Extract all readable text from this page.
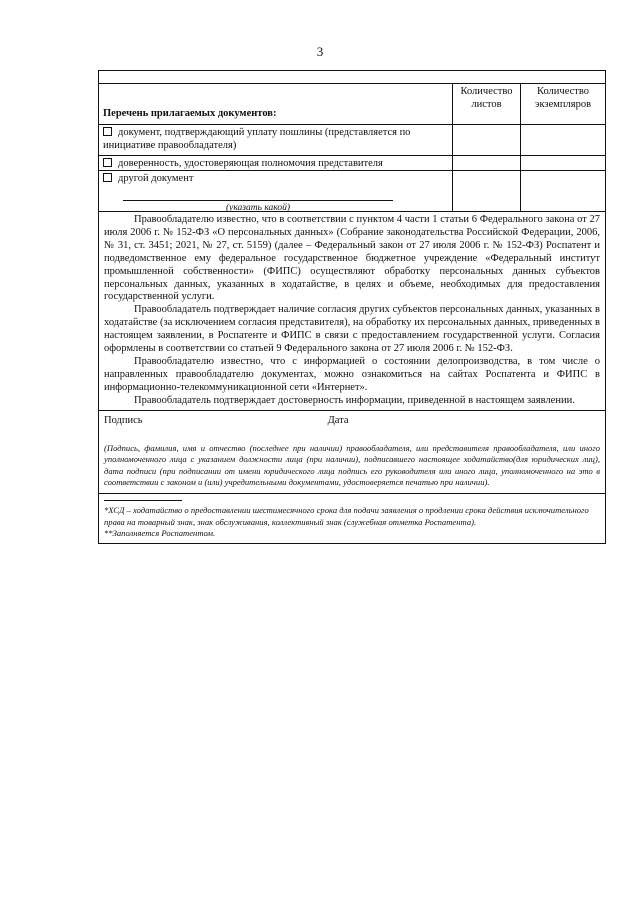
3
Перечень прилагаемых документов:
Количество листов
Количество экземпляров
документ, подтверждающий уплату пошлины (представляется по инициативе правообладателя)
доверенность, удостоверяющая полномочия представителя
другой документ
(указать какой)

Правообладателю известно, что в соответствии с пунктом 4 части 1 статьи 6 Федерального закона от 27 июля 2006 г. № 152-ФЗ «О персональных данных» (Собрание законодательства Российской Федерации, 2006, № 31, ст. 3451; 2021, № 27, ст. 5159) (далее – Федеральный закон от 27 июля 2006 г. № 152-ФЗ) Роспатент и подведомственное ему федеральное государственное бюджетное учреждение «Федеральный институт промышленной собственности» (ФИПС) осуществляют обработку персональных данных субъектов персональных данных, указанных в ходатайстве, в целях и объеме, необходимых для предоставления государственной услуги.

Правообладатель подтверждает наличие согласия других субъектов персональных данных, указанных в ходатайстве (за исключением согласия представителя), на обработку их персональных данных, приведенных в настоящем заявлении, в Роспатенте и ФИПС в связи с предоставлением государственной услуги. Согласия оформлены в соответствии со статьей 9 Федерального закона от 27 июля 2006 г. № 152-ФЗ.

Правообладателю известно, что с информацией о состоянии делопроизводства, в том числе о направленных правообладателю документах, можно ознакомиться на сайтах Роспатента и ФИПС в информационно-телекоммуникационной сети «Интернет».

Правообладатель подтверждает достоверность информации, приведенной в настоящем заявлении.

Подпись	Дата
(Подпись, фамилия, имя и отчество (последнее при наличии) правообладателя, или представителя правообладателя, или иного уполномоченного лица с указанием должности лица (при наличии), подписавшего настоящее ходатайство(для юридических лиц), дата подписи (при подписании от имени юридического лица подпись его руководителя или иного лица, уполномоченного на это в соответствии с законом и (или) учредительными документами, удостоверяется печатью при наличии).
*ХСД – ходатайство о предоставлении шестимесячного срока для подачи заявления о продлении срока действия исключительного права на товарный знак, знак обслуживания, коллективный знак (служебная отметка Роспатента).
**Заполняется Роспатентом.
